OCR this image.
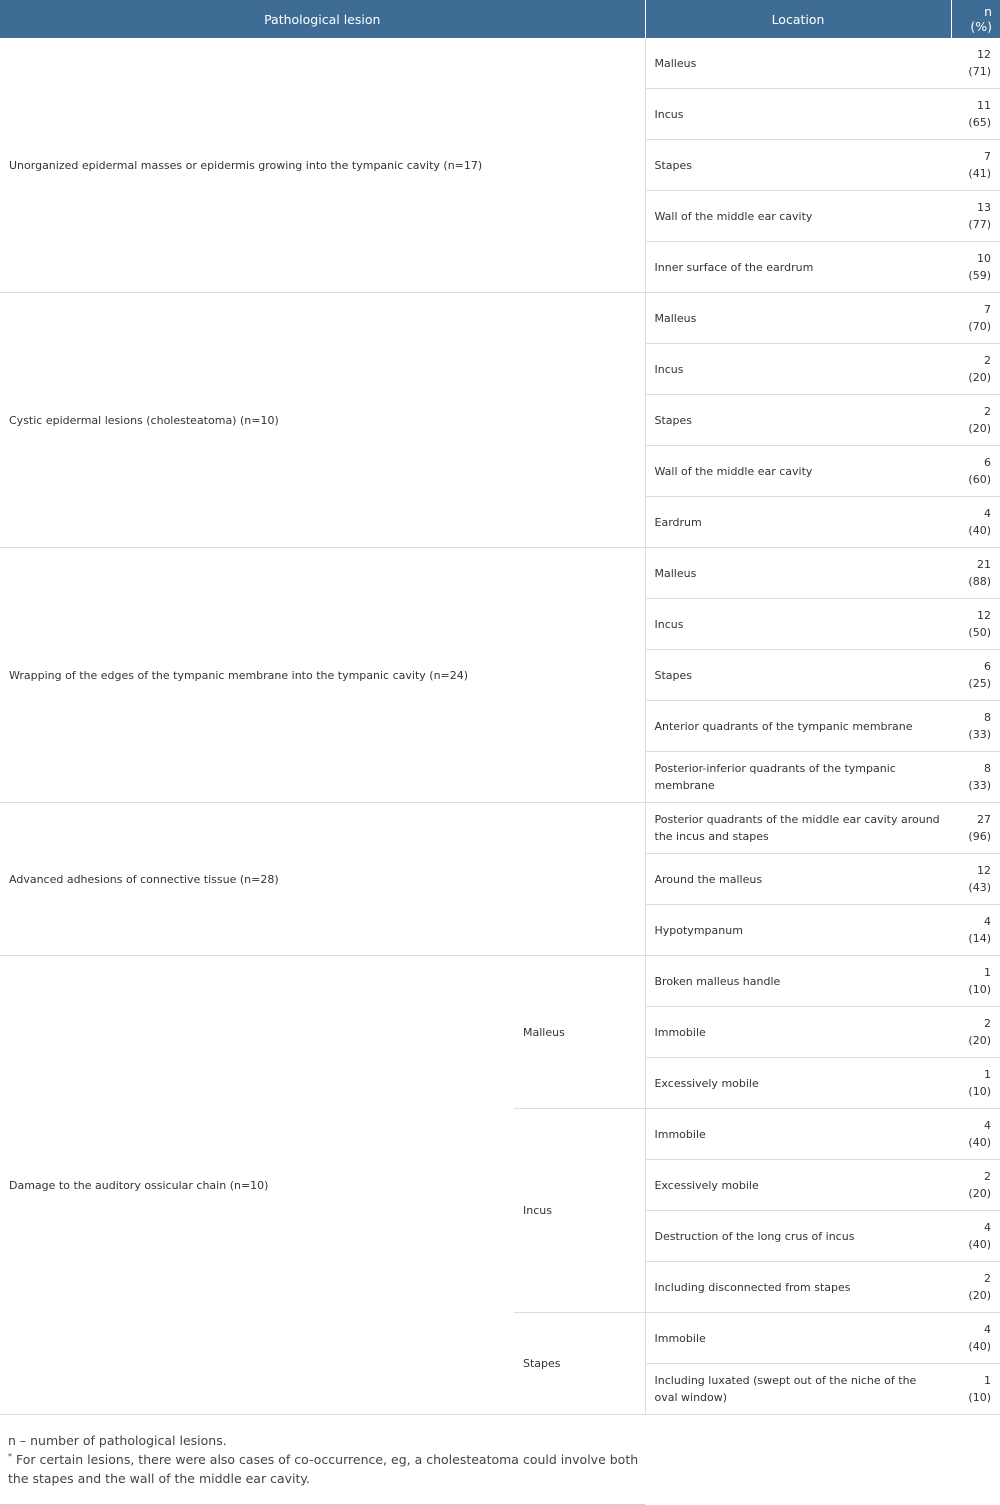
Pathological lesion		Location	n (%)
Unorganized epidermal masses or epidermis growing into the tympanic cavity (n=17)		Malleus	12 (71)
		Incus	11 (65)
		Stapes	7 (41)
		Wall of the middle ear cavity	13 (77)
		Inner surface of the eardrum	10 (59)
Cystic epidermal lesions (cholesteatoma) (n=10)		Malleus	7 (70)
		Incus	2 (20)
		Stapes	2 (20)
		Wall of the middle ear cavity	6 (60)
		Eardrum	4 (40)
Wrapping of the edges of the tympanic membrane into the tympanic cavity (n=24)		Malleus	21 (88)
		Incus	12 (50)
		Stapes	6 (25)
		Anterior quadrants of the tympanic membrane	8 (33)
		Posterior-inferior quadrants of the tympanic membrane	8 (33)
Advanced adhesions of connective tissue (n=28)		Posterior quadrants of the middle ear cavity around the incus and stapes	27 (96)
		Around the malleus	12 (43)
		Hypotympanum	4 (14)
Damage to the auditory ossicular chain (n=10)	Malleus	Broken malleus handle	1 (10)
		Immobile	2 (20)
		Excessively mobile	1 (10)
	Incus	Immobile	4 (40)
		Excessively mobile	2 (20)
		Destruction of the long crus of incus	4 (40)
		Including disconnected from stapes	2 (20)
	Stapes	Immobile	4 (40)
		Including luxated (swept out of the niche of the oval window)	1 (10)
n – number of pathological lesions.
* For certain lesions, there were also cases of co-occurrence, eg, a cholesteatoma could involve both the stapes and the wall of the middle ear cavity.
